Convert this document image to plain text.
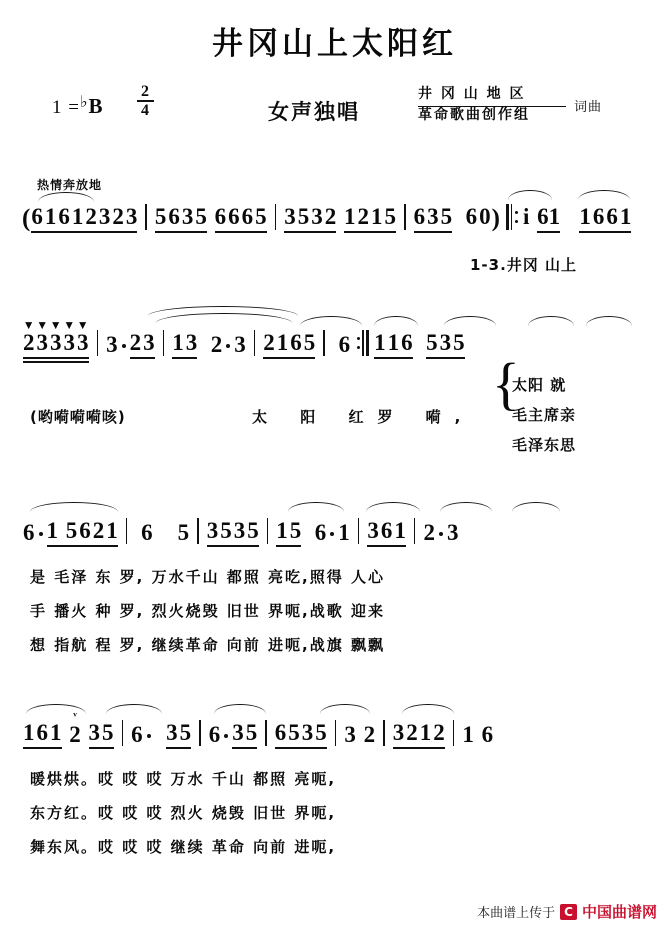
井冈山上太阳红
1 =♭B
2
4	女声独唱
井 冈 山 地 区
革命歌曲创作组	词曲
热情奔放地
(61612323 5635 6665 3532 1215 635 60) i 61 1661
1-3.井冈 山上
2
▼
3
▼
3
▼
3
▼
3
▼
3 23 13 2 3 2165 6 116 535
(哟嗬嗬嗬咳)	太 阳 红罗 嗬,
{
太阳 就
毛主席亲
毛泽东思
6 1 5621 6 5 3535 15 6 1 361 2 3
是 毛泽 东 罗, 万水千山 都照 亮吃,照得 人心
手 播火 种 罗, 烈火烧毁 旧世 界呃,战歌 迎来
想 指航 程 罗, 继续革命 向前 进呃,战旗 飘飘
161 2
ᵛ
35 6 35 6 35 6535 3 2 3212 1 6
暖烘烘。哎 哎 哎 万水 千山 都照 亮呃,
东方红。哎 哎 哎 烈火 烧毁 旧世 界呃,
舞东风。哎 哎 哎 继续 革命 向前 进呃,
本曲谱上传于 C 中国曲谱网
